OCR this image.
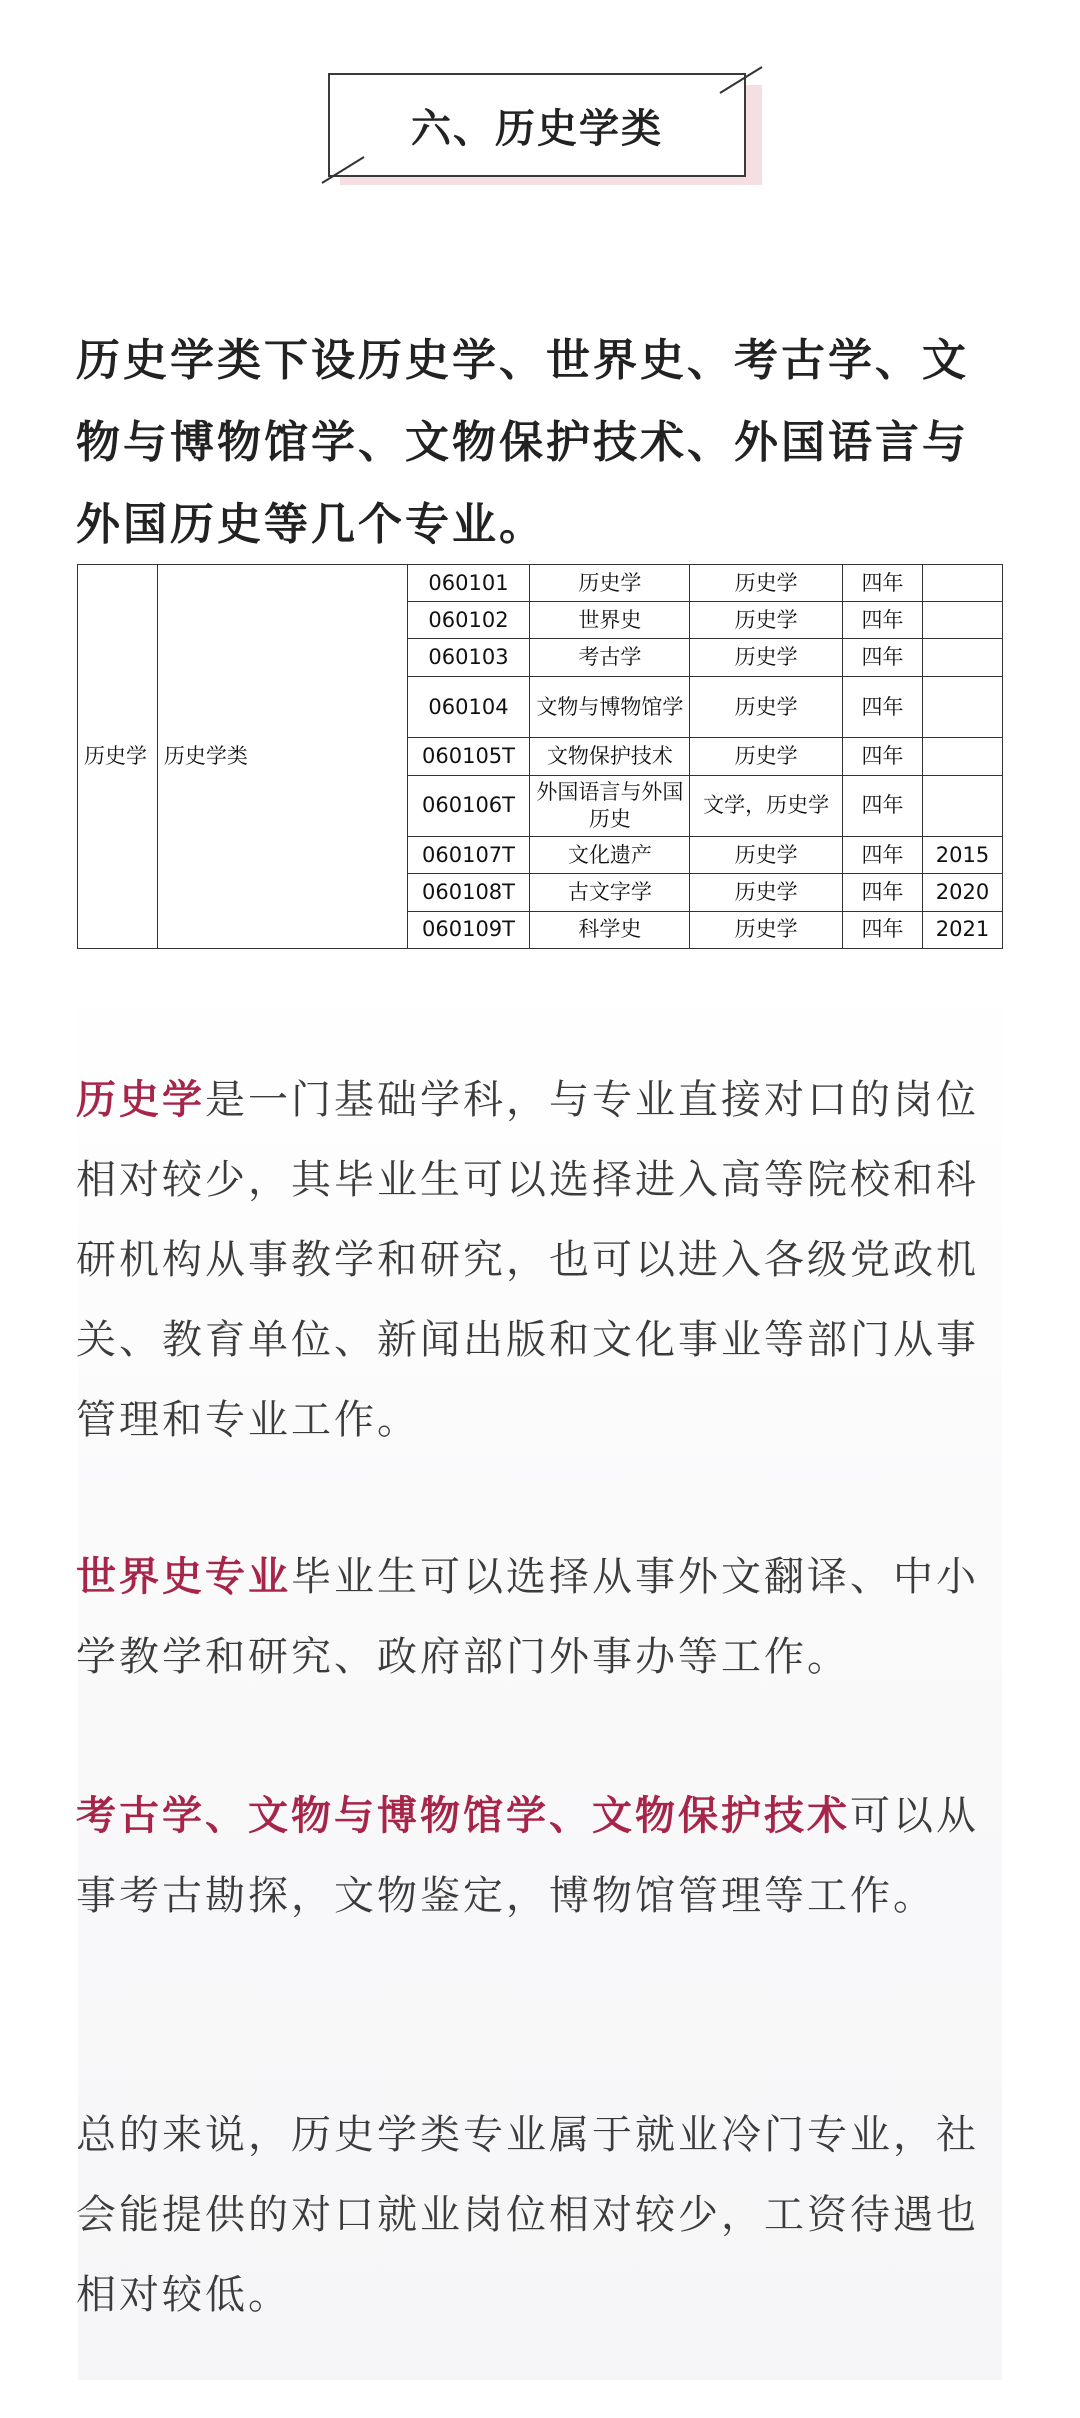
六、历史学类
历史学类下设历史学、世界史、考古学、文物与博物馆学、文物保护技术、外国语言与外国历史等几个专业。
历史学	历史学类	060101	历史学	历史学	四年	
		060102	世界史	历史学	四年	
		060103	考古学	历史学	四年	
		060104	文物与博物馆学	历史学	四年	
		060105T	文物保护技术	历史学	四年	
		060106T	外国语言与外国历史	文学，历史学	四年	
		060107T	文化遗产	历史学	四年	2015
		060108T	古文字学	历史学	四年	2020
		060109T	科学史	历史学	四年	2021
历史学是一门基础学科，与专业直接对口的岗位相对较少，其毕业生可以选择进入高等院校和科研机构从事教学和研究，也可以进入各级党政机关、教育单位、新闻出版和文化事业等部门从事管理和专业工作。
世界史专业毕业生可以选择从事外文翻译、中小学教学和研究、政府部门外事办等工作。
考古学、文物与博物馆学、文物保护技术可以从事考古勘探，文物鉴定，博物馆管理等工作。
总的来说，历史学类专业属于就业冷门专业，社会能提供的对口就业岗位相对较少，工资待遇也相对较低。
